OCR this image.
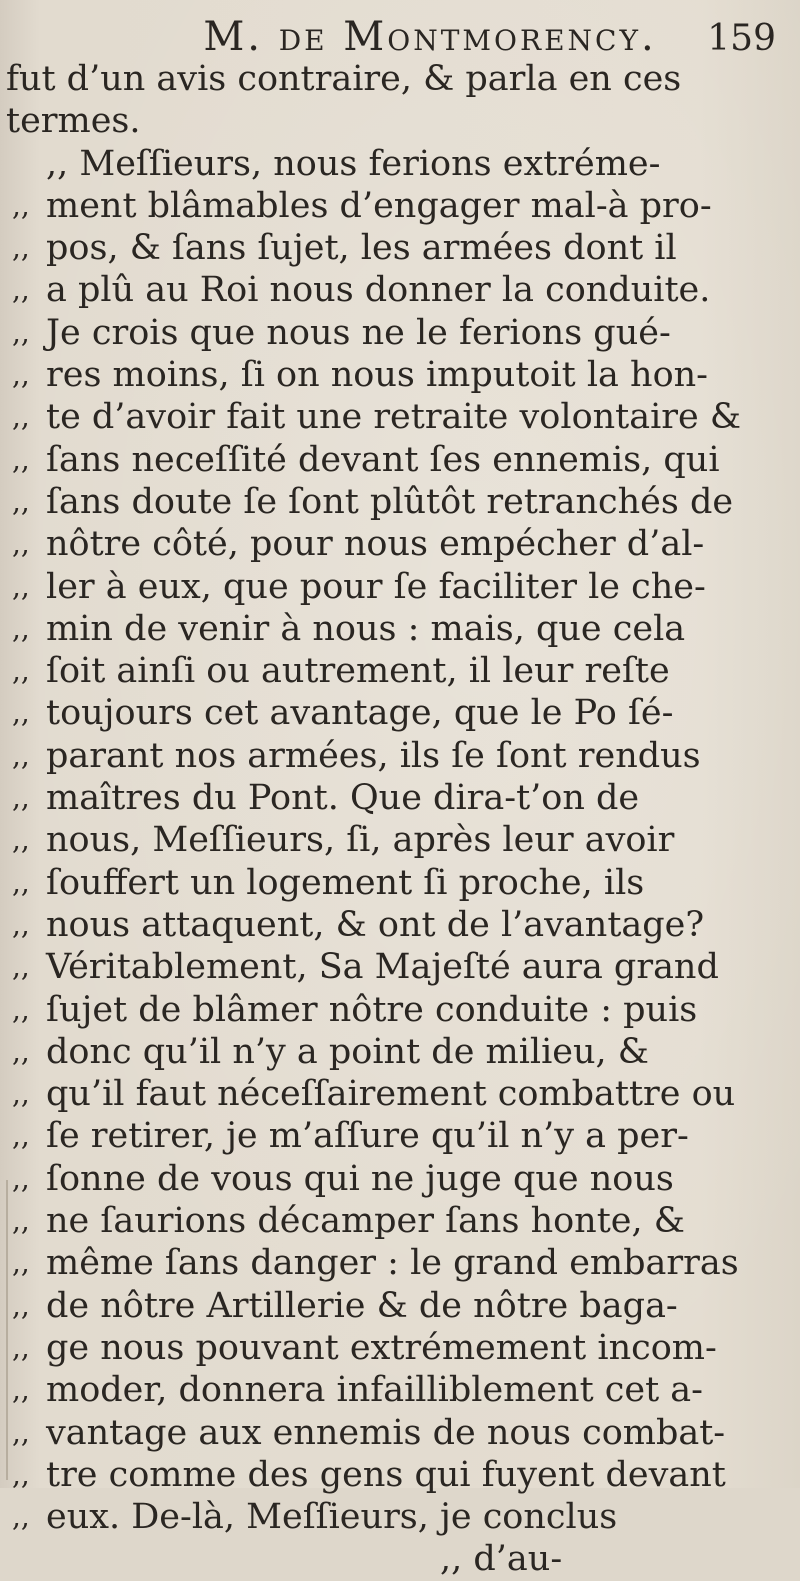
M. de Montmorency.	159
fut d’un avis contraire, & parla en ces
termes.
,, Meſſieurs, nous ferions extréme-
,, ment blâmables d’engager mal-à pro-
,, pos, & ſans ſujet, les armées dont il
,, a plû au Roi nous donner la conduite.
,, Je crois que nous ne le ferions gué-
,, res moins, ſi on nous imputoit la hon-
,, te d’avoir fait une retraite volontaire &
,, ſans neceſſité devant ſes ennemis, qui
,, ſans doute ſe ſont plûtôt retranchés de
,, nôtre côté, pour nous empécher d’al-
,, ler à eux, que pour ſe faciliter le che-
,, min de venir à nous : mais, que cela
,, ſoit ainſi ou autrement, il leur reſte
,, toujours cet avantage, que le Po ſé-
,, parant nos armées, ils ſe ſont rendus
,, maîtres du Pont. Que dira-t’on de
,, nous, Meſſieurs, ſi, après leur avoir
,, ſouffert un logement ſi proche, ils
,, nous attaquent, & ont de l’avantage?
,, Véritablement, Sa Majeſté aura grand
,, ſujet de blâmer nôtre conduite : puis
,, donc qu’il n’y a point de milieu, &
,, qu’il faut néceſſairement combattre ou
,, ſe retirer, je m’aſſure qu’il n’y a per-
,, ſonne de vous qui ne juge que nous
,, ne ſaurions décamper ſans honte, &
,, même ſans danger : le grand embarras
,, de nôtre Artillerie & de nôtre baga-
,, ge nous pouvant extrémement incom-
,, moder, donnera infailliblement cet a-
,, vantage aux ennemis de nous combat-
,, tre comme des gens qui fuyent devant
,, eux. De-là, Meſſieurs, je conclus
,, d’au-
